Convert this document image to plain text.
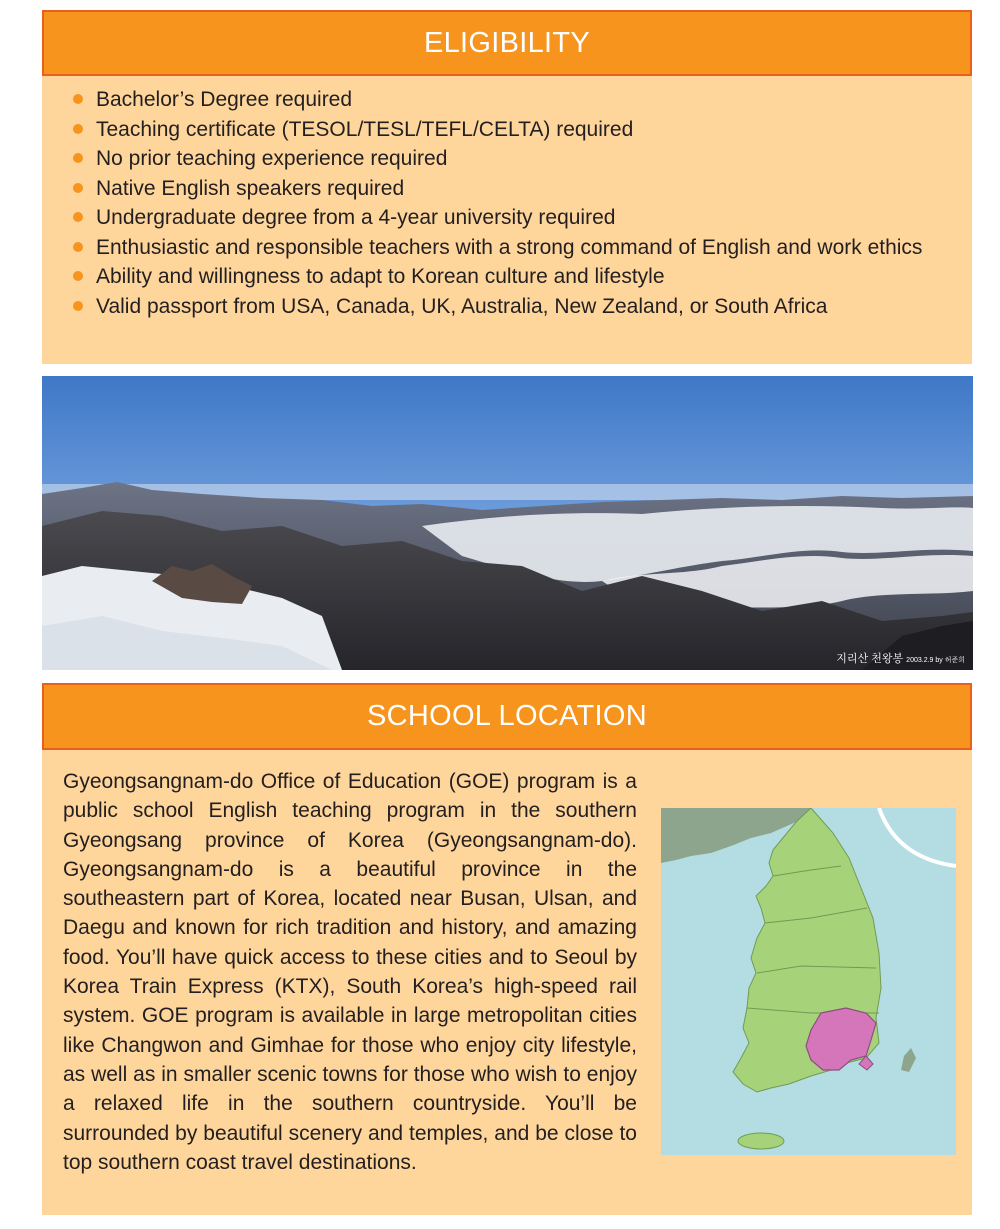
ELIGIBILITY
Bachelor’s Degree required
Teaching certificate (TESOL/TESL/TEFL/CELTA) required
No prior teaching experience required
Native English speakers required
Undergraduate degree from a 4-year university required
Enthusiastic and responsible teachers with a strong command of English and work ethics
Ability and willingness to adapt to Korean culture and lifestyle
Valid passport from USA, Canada, UK, Australia, New Zealand, or South Africa
지리산 천왕봉 2003.2.9 by 허준희
SCHOOL LOCATION

Gyeongsangnam-do Office of Education (GOE) program is a public school English teaching program in the southern Gyeongsang province of Korea (Gyeongsangnam-do). Gyeongsangnam-do is a beautiful province in the southeastern part of Korea, located near Busan, Ulsan, and Daegu and known for rich tradition and history, and amazing food. You’ll have quick access to these cities and to Seoul by Korea Train Express (KTX), South Korea’s high-speed rail system. GOE program is available in large metropolitan cities like Changwon and Gimhae for those who enjoy city lifestyle, as well as in smaller scenic towns for those who wish to enjoy a relaxed life in the southern countryside. You’ll be surrounded by beautiful scenery and temples, and be close to top southern coast travel destinations.
